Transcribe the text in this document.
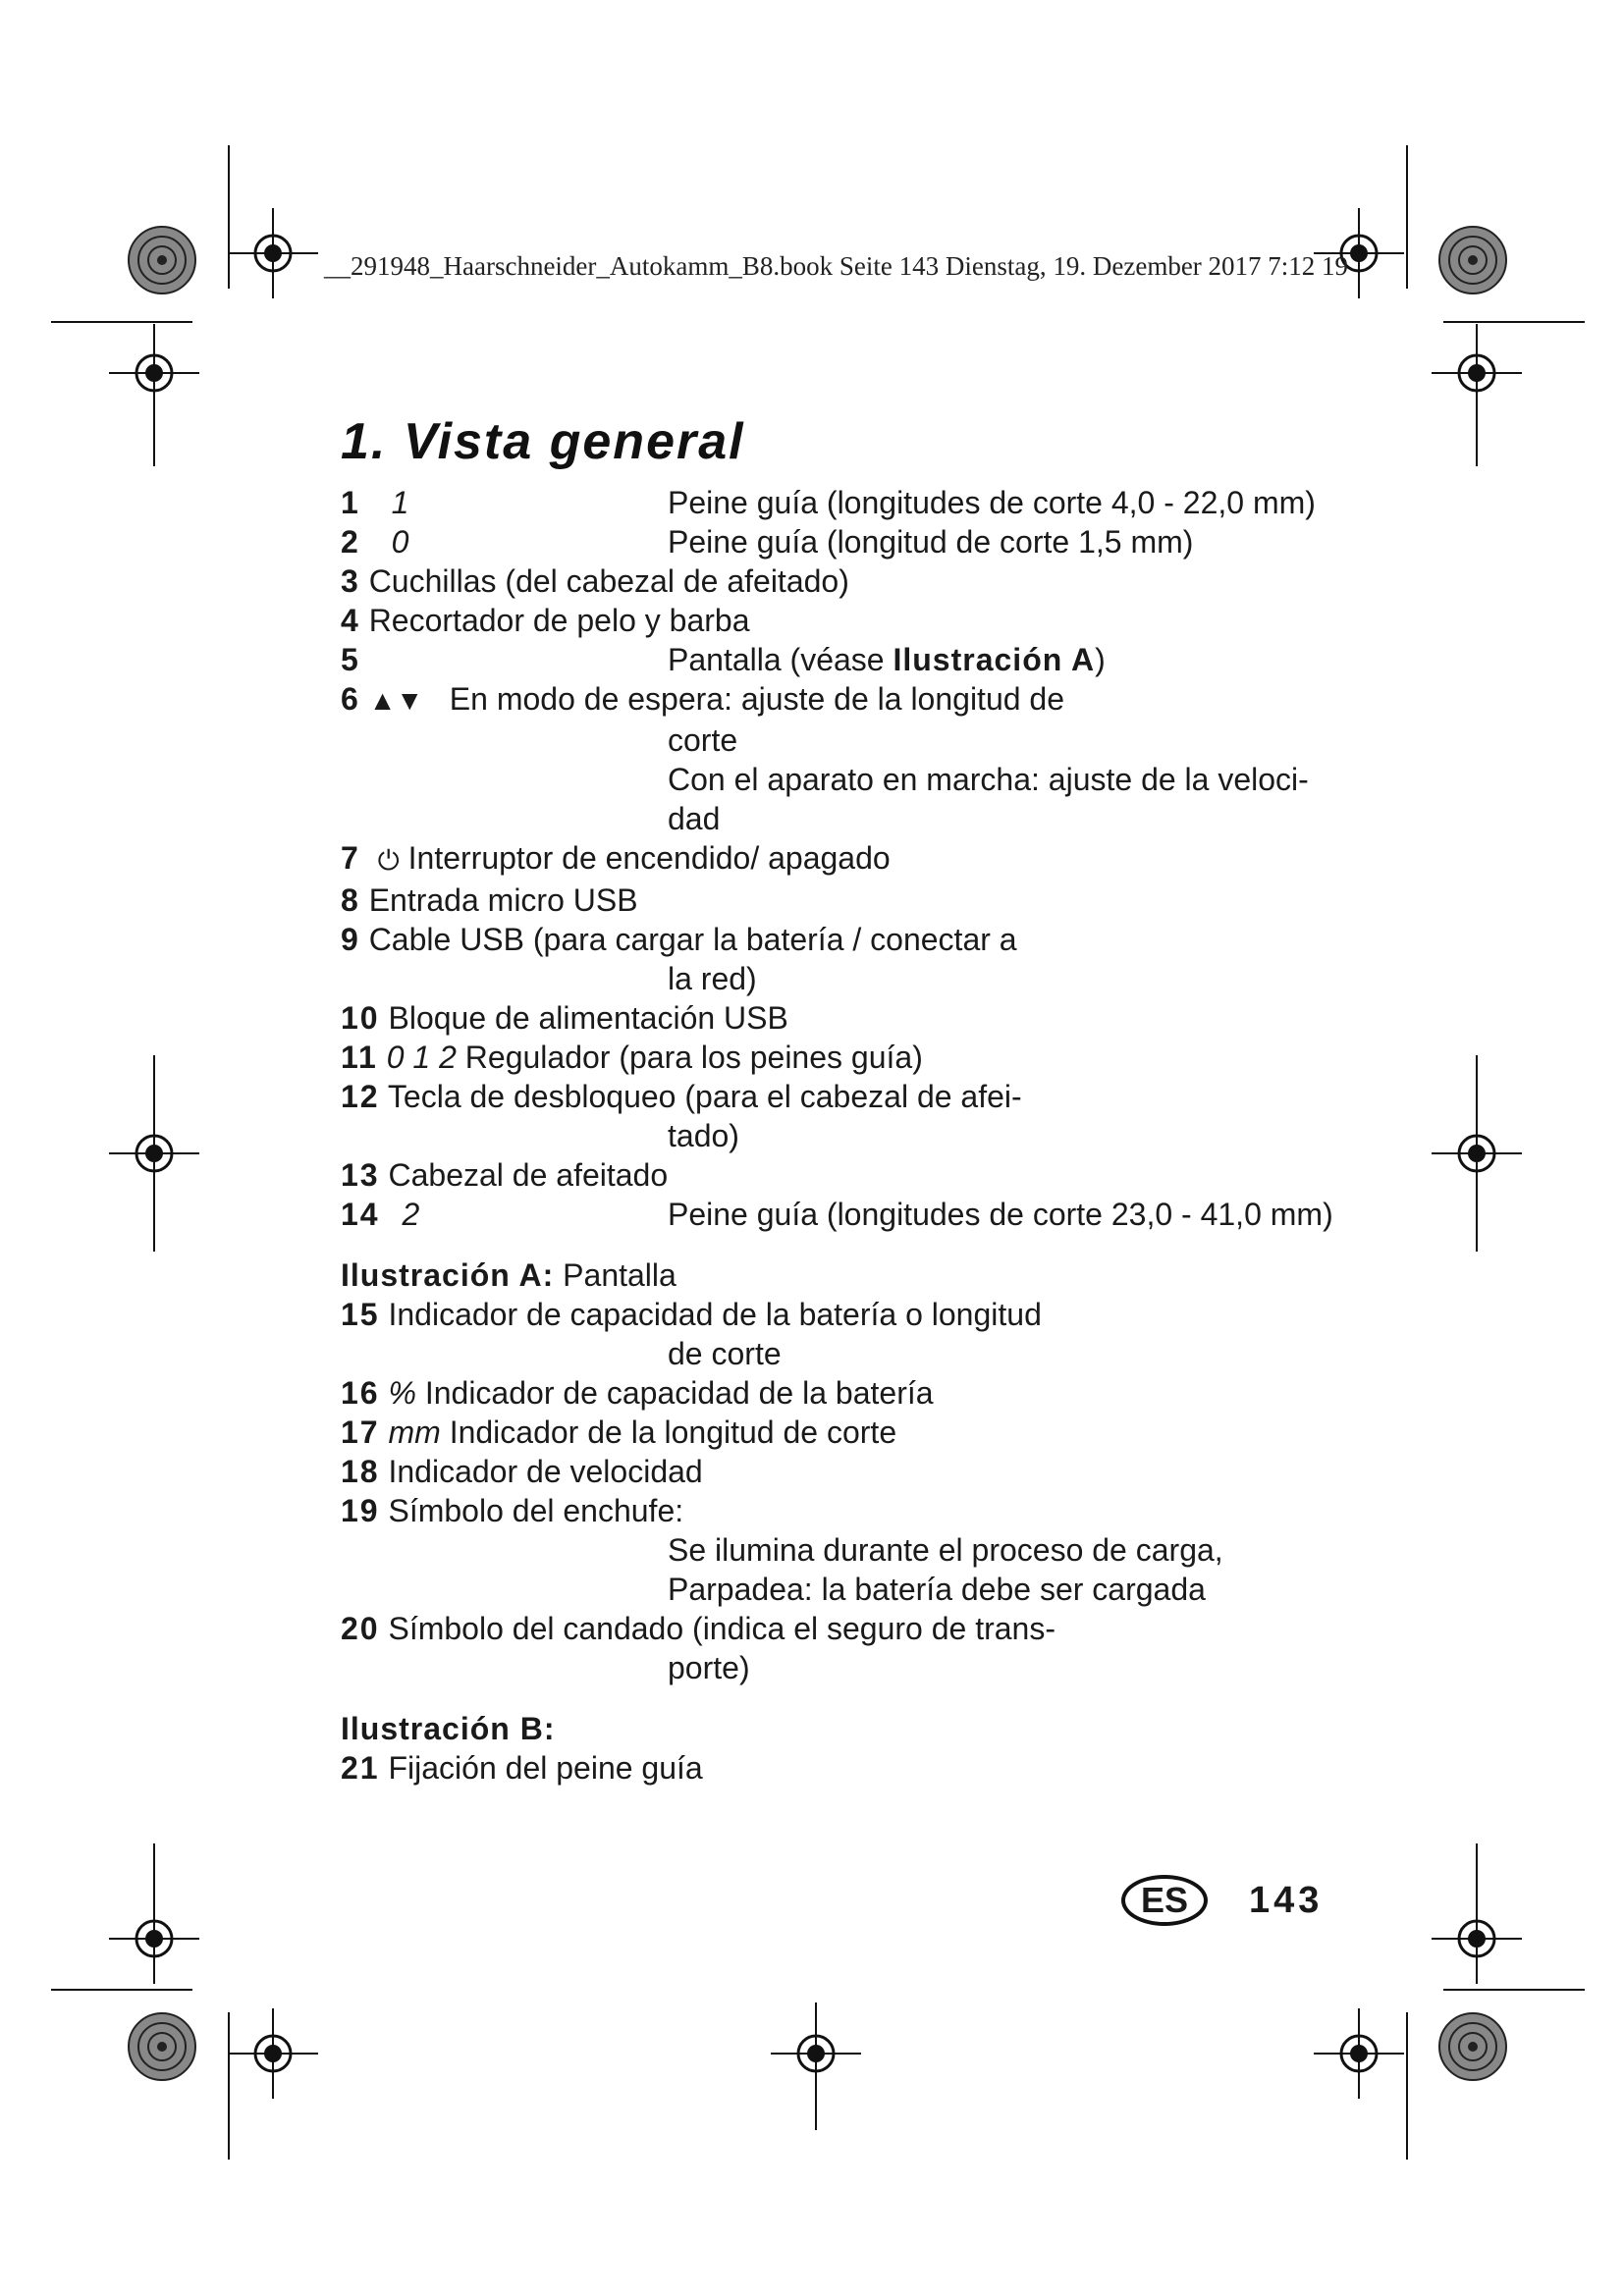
__291948_Haarschneider_Autokamm_B8.book Seite 143 Dienstag, 19. Dezember 2017 7:12 19
1. Vista general
1 1	Peine guía (longitudes de corte 4,0 - 22,0 mm)
2 0	Peine guía (longitud de corte 1,5 mm)
3 Cuchillas (del cabezal de afeitado)
4 Recortador de pelo y barba
5	Pantalla (véase Ilustración A)
6 ▲▼ En modo de espera: ajuste de la longitud de
corte
Con el aparato en marcha: ajuste de la veloci-
dad
7 ⏻ Interruptor de encendido/ apagado
8 Entrada micro USB
9 Cable USB (para cargar la batería / conectar a
la red)
10 Bloque de alimentación USB
11 0 1 2 Regulador (para los peines guía)
12 Tecla de desbloqueo (para el cabezal de afei-
tado)
13 Cabezal de afeitado
14 2	Peine guía (longitudes de corte 23,0 - 41,0 mm)
Ilustración A: Pantalla
15 Indicador de capacidad de la batería o longitud
de corte
16 % Indicador de capacidad de la batería
17 mm Indicador de la longitud de corte
18 Indicador de velocidad
19 Símbolo del enchufe:
Se ilumina durante el proceso de carga,
Parpadea: la batería debe ser cargada
20 Símbolo del candado (indica el seguro de trans-
porte)
Ilustración B:
21 Fijación del peine guía
ES	143
